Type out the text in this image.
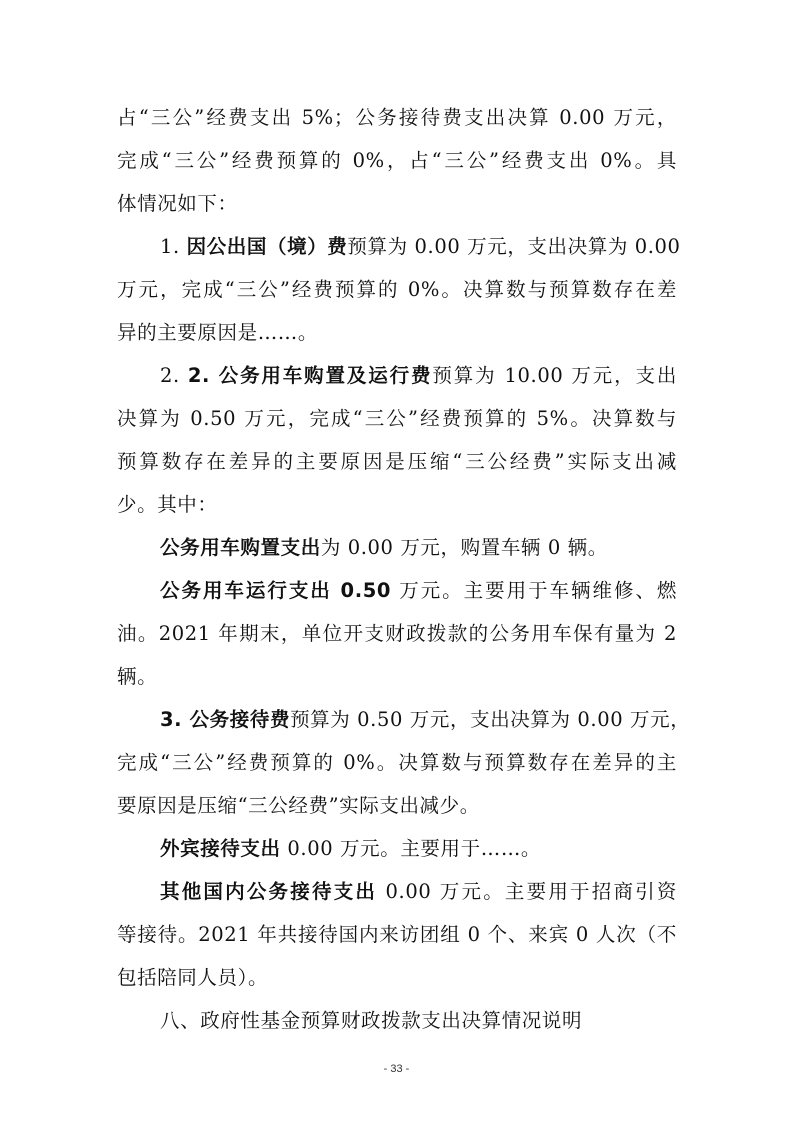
占“三公”经费支出 5%；公务接待费支出决算 0.00 万元，
完成“三公”经费预算的 0%，占“三公”经费支出 0%。具
体情况如下：
1. 因公出国（境）费预算为 0.00 万元，支出决算为 0.00
万元，完成“三公”经费预算的 0%。决算数与预算数存在差
异的主要原因是……。
2. 2. 公务用车购置及运行费预算为 10.00 万元，支出
决算为 0.50 万元，完成“三公”经费预算的 5%。决算数与
预算数存在差异的主要原因是压缩“三公经费”实际支出减
少。其中：
公务用车购置支出为 0.00 万元，购置车辆 0 辆。
公务用车运行支出 0.50 万元。主要用于车辆维修、燃
油。2021 年期末，单位开支财政拨款的公务用车保有量为 2
辆。
3. 公务接待费预算为 0.50 万元，支出决算为 0.00 万元，
完成“三公”经费预算的 0%。决算数与预算数存在差异的主
要原因是压缩“三公经费”实际支出减少。
外宾接待支出 0.00 万元。主要用于……。
其他国内公务接待支出 0.00 万元。主要用于招商引资
等接待。2021 年共接待国内来访团组 0 个、来宾 0 人次（不
包括陪同人员）。
八、政府性基金预算财政拨款支出决算情况说明
- 33 -
